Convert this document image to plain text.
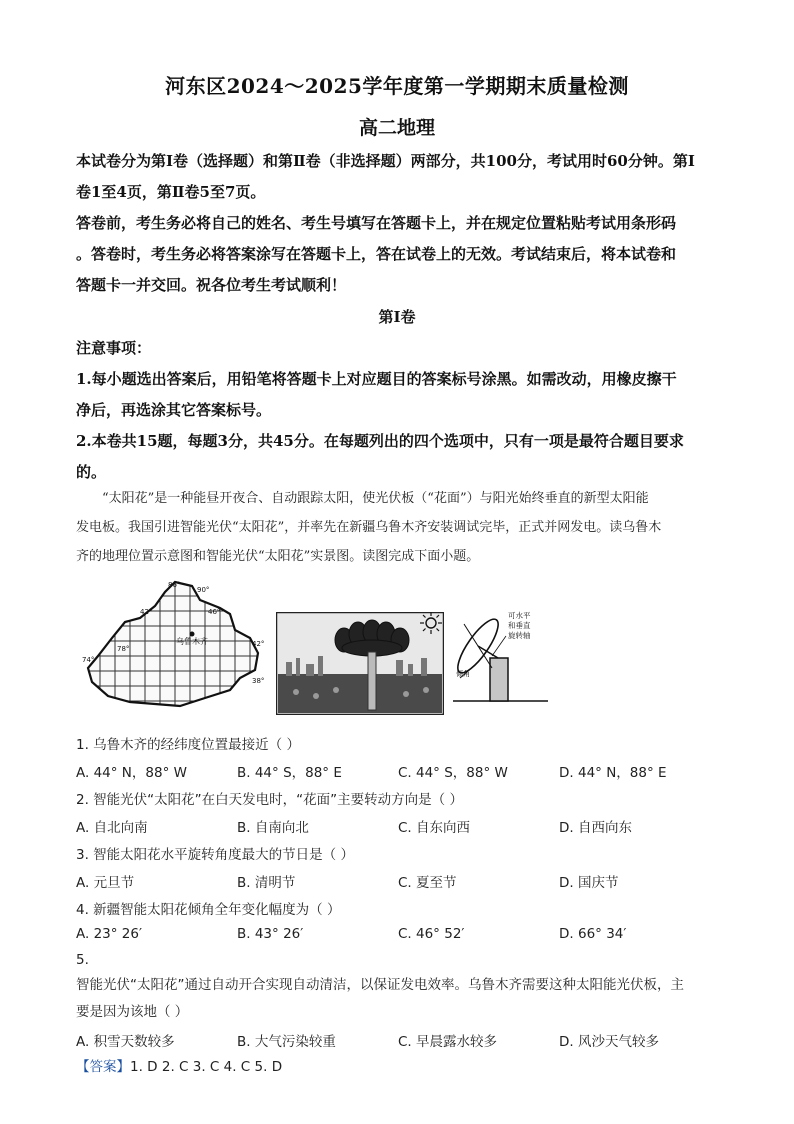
河东区2024～2025学年度第一学期期末质量检测
高二地理
本试卷分为第Ⅰ卷（选择题）和第Ⅱ卷（非选择题）两部分，共100分，考试用时60分钟。第Ⅰ
卷1至4页，第Ⅱ卷5至7页。
答卷前，考生务必将自己的姓名、考生号填写在答题卡上，并在规定位置粘贴考试用条形码
。答卷时，考生务必将答案涂写在答题卡上，答在试卷上的无效。考试结束后，将本试卷和
答题卡一并交回。祝各位考生考试顺利！
第Ⅰ卷
注意事项：
1.每小题选出答案后，用铅笔将答题卡上对应题目的答案标号涂黑。如需改动，用橡皮擦干
净后，再选涂其它答案标号。
2.本卷共15题，每题3分，共45分。在每题列出的四个选项中，只有一项是最符合题目要求
的。
“太阳花”是一种能昼开夜合、自动跟踪太阳，使光伏板（“花面”）与阳光始终垂直的新型太阳能
发电板。我国引进智能光伏“太阳花”，并率先在新疆乌鲁木齐安装调试完毕，正式并网发电。读乌鲁木
齐的地理位置示意图和智能光伏“太阳花”实景图。读图完成下面小题。
乌鲁木齐
86°
90°
46°
42°
42°
74°
78°
38°
倾角
可水平
和垂直
旋转轴
1. 乌鲁木齐的经纬度位置最接近（ ）
A. 44° N，88° W	B. 44° S，88° E	C. 44° S，88° W	D. 44° N，88° E
2. 智能光伏“太阳花”在白天发电时，“花面”主要转动方向是（ ）
A. 自北向南	B. 自南向北	C. 自东向西	D. 自西向东
3. 智能太阳花水平旋转角度最大的节日是（ ）
A. 元旦节	B. 清明节	C. 夏至节	D. 国庆节
4. 新疆智能太阳花倾角全年变化幅度为（ ）
A. 23° 26′	B. 43° 26′	C. 46° 52′	D. 66° 34′
5.
智能光伏“太阳花”通过自动开合实现自动清洁，以保证发电效率。乌鲁木齐需要这种太阳能光伏板，主
要是因为该地（ ）
A. 积雪天数较多	B. 大气污染较重	C. 早晨露水较多	D. 风沙天气较多
【答案】1. D 2. C 3. C 4. C 5. D
